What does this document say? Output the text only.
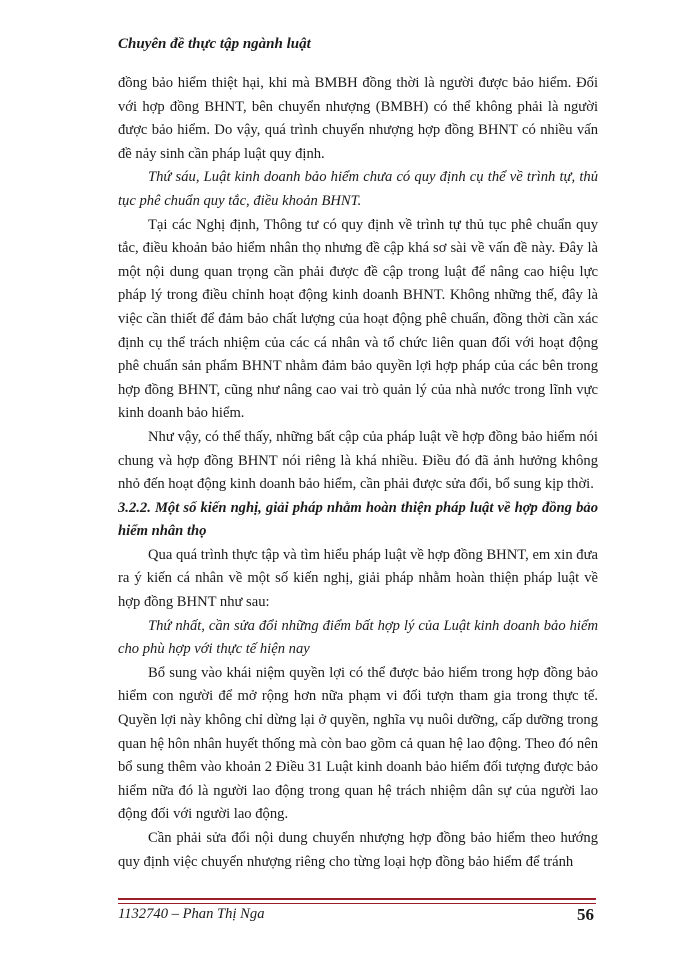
Chuyên đề thực tập ngành luật

đồng bảo hiểm thiệt hại, khi mà BMBH đồng thời là người được bảo hiểm. Đối với hợp đồng BHNT, bên chuyển nhượng (BMBH) có thể không phải là người được bảo hiểm. Do vậy, quá trình chuyển nhượng hợp đồng BHNT có nhiều vấn đề nảy sinh cần pháp luật quy định.

Thứ sáu, Luật kinh doanh bảo hiểm chưa có quy định cụ thể về trình tự, thủ tục phê chuẩn quy tắc, điều khoản BHNT.

Tại các Nghị định, Thông tư có quy định về trình tự thủ tục phê chuẩn quy tắc, điều khoản bảo hiểm nhân thọ nhưng đề cập khá sơ sài về vấn đề này. Đây là một nội dung quan trọng cần phải được đề cập trong luật để nâng cao hiệu lực pháp lý trong điều chỉnh hoạt động kinh doanh BHNT. Không những thế, đây là việc cần thiết để đảm bảo chất lượng của hoạt động phê chuẩn, đồng thời cần xác định cụ thể trách nhiệm của các cá nhân và tổ chức liên quan đối với hoạt động phê chuẩn sản phẩm BHNT nhằm đảm bảo quyền lợi hợp pháp của các bên trong hợp đồng BHNT, cũng như nâng cao vai trò quản lý của nhà nước trong lĩnh vực kinh doanh bảo hiểm.

Như vậy, có thể thấy, những bất cập của pháp luật về hợp đồng bảo hiểm nói chung và hợp đồng BHNT nói riêng là khá nhiều. Điều đó đã ảnh hưởng không nhỏ đến hoạt động kinh doanh bảo hiểm, cần phải được sửa đổi, bổ sung kịp thời.

3.2.2. Một số kiến nghị, giải pháp nhằm hoàn thiện pháp luật về hợp đồng bảo hiểm nhân thọ

Qua quá trình thực tập và tìm hiểu pháp luật về hợp đồng BHNT, em xin đưa ra ý kiến cá nhân về một số kiến nghị, giải pháp nhằm hoàn thiện pháp luật về hợp đồng BHNT như sau:

Thứ nhất, cần sửa đổi những điểm bất hợp lý của Luật kinh doanh bảo hiểm cho phù hợp với thực tế hiện nay

Bổ sung vào khái niệm quyền lợi có thể được bảo hiểm trong hợp đồng bảo hiểm con người để mở rộng hơn nữa phạm vi đối tượn tham gia trong thực tế. Quyền lợi này không chỉ dừng lại ở quyền, nghĩa vụ nuôi dưỡng, cấp dưỡng trong quan hệ hôn nhân huyết thống mà còn bao gồm cả quan hệ lao động. Theo đó nên bổ sung thêm vào khoản 2 Điều 31 Luật kinh doanh bảo hiểm đối tượng được bảo hiểm nữa đó là người lao động trong quan hệ trách nhiệm dân sự của người lao động đối với người lao động.

Cần phải sửa đổi nội dung chuyển nhượng hợp đồng bảo hiểm theo hướng quy định việc chuyển nhượng riêng cho từng loại hợp đồng bảo hiểm để tránh

1132740 – Phan Thị Nga	56
